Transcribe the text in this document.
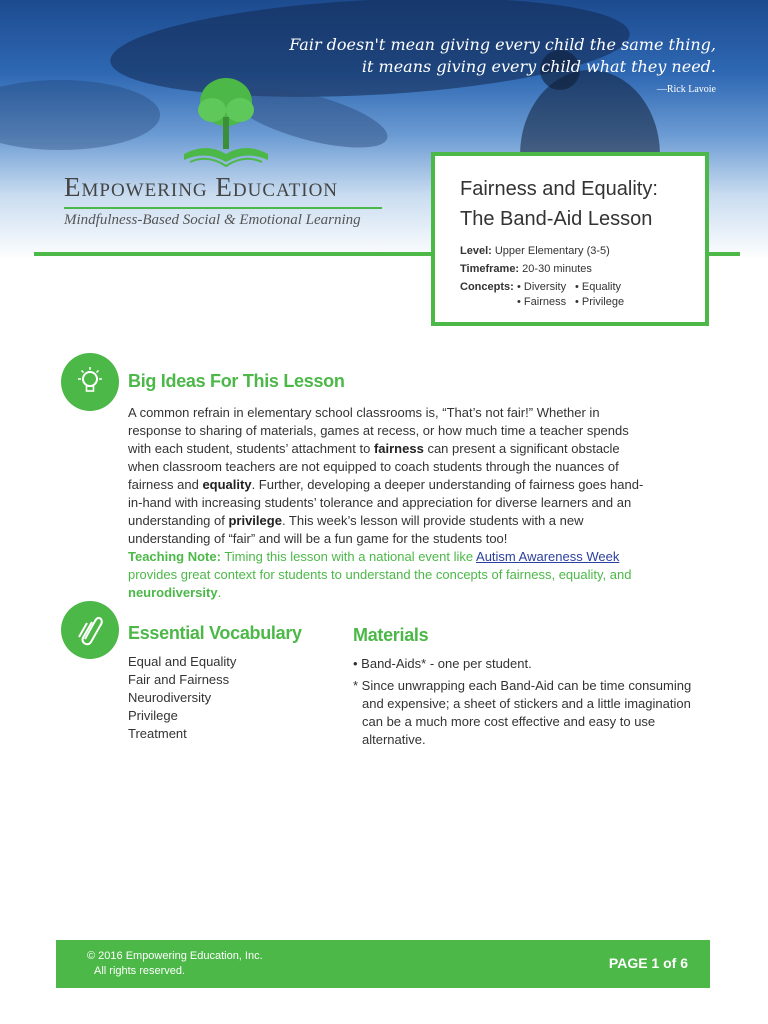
Fair doesn't mean giving every child the same thing,
it means giving every child what they need.
—Rick Lavoie
Empowering Education
Mindfulness-Based Social & Emotional Learning
Fairness and Equality:
The Band-Aid Lesson
Level: Upper Elementary (3-5)
Timeframe: 20-30 minutes
Concepts: • Diversity • Equality
• Fairness • Privilege
Big Ideas For This Lesson

A common refrain in elementary school classrooms is, “That’s not fair!” Whether in response to sharing of materials, games at recess, or how much time a teacher spends with each student, students’ attachment to fairness can present a significant obstacle when classroom teachers are not equipped to coach students through the nuances of fairness and equality. Further, developing a deeper understanding of fairness goes hand-in-hand with increasing students’ tolerance and appreciation for diverse learners and an understanding of privilege. This week’s lesson will provide students with a new understanding of “fair” and will be a fun game for the students too!

Teaching Note: Timing this lesson with a national event like Autism Awareness Week provides great context for students to understand the concepts of fairness, equality, and neurodiversity.

Essential Vocabulary
Equal and Equality
Fair and Fairness
Neurodiversity
Privilege
Treatment
Materials
• Band-Aids* - one per student.
* Since unwrapping each Band-Aid can be time consuming
and expensive; a sheet of stickers and a little imagination
can be a much more cost effective and easy to use alternative.
© 2016 Empowering Education, Inc.
All rights reserved.	PAGE 1 of 6
